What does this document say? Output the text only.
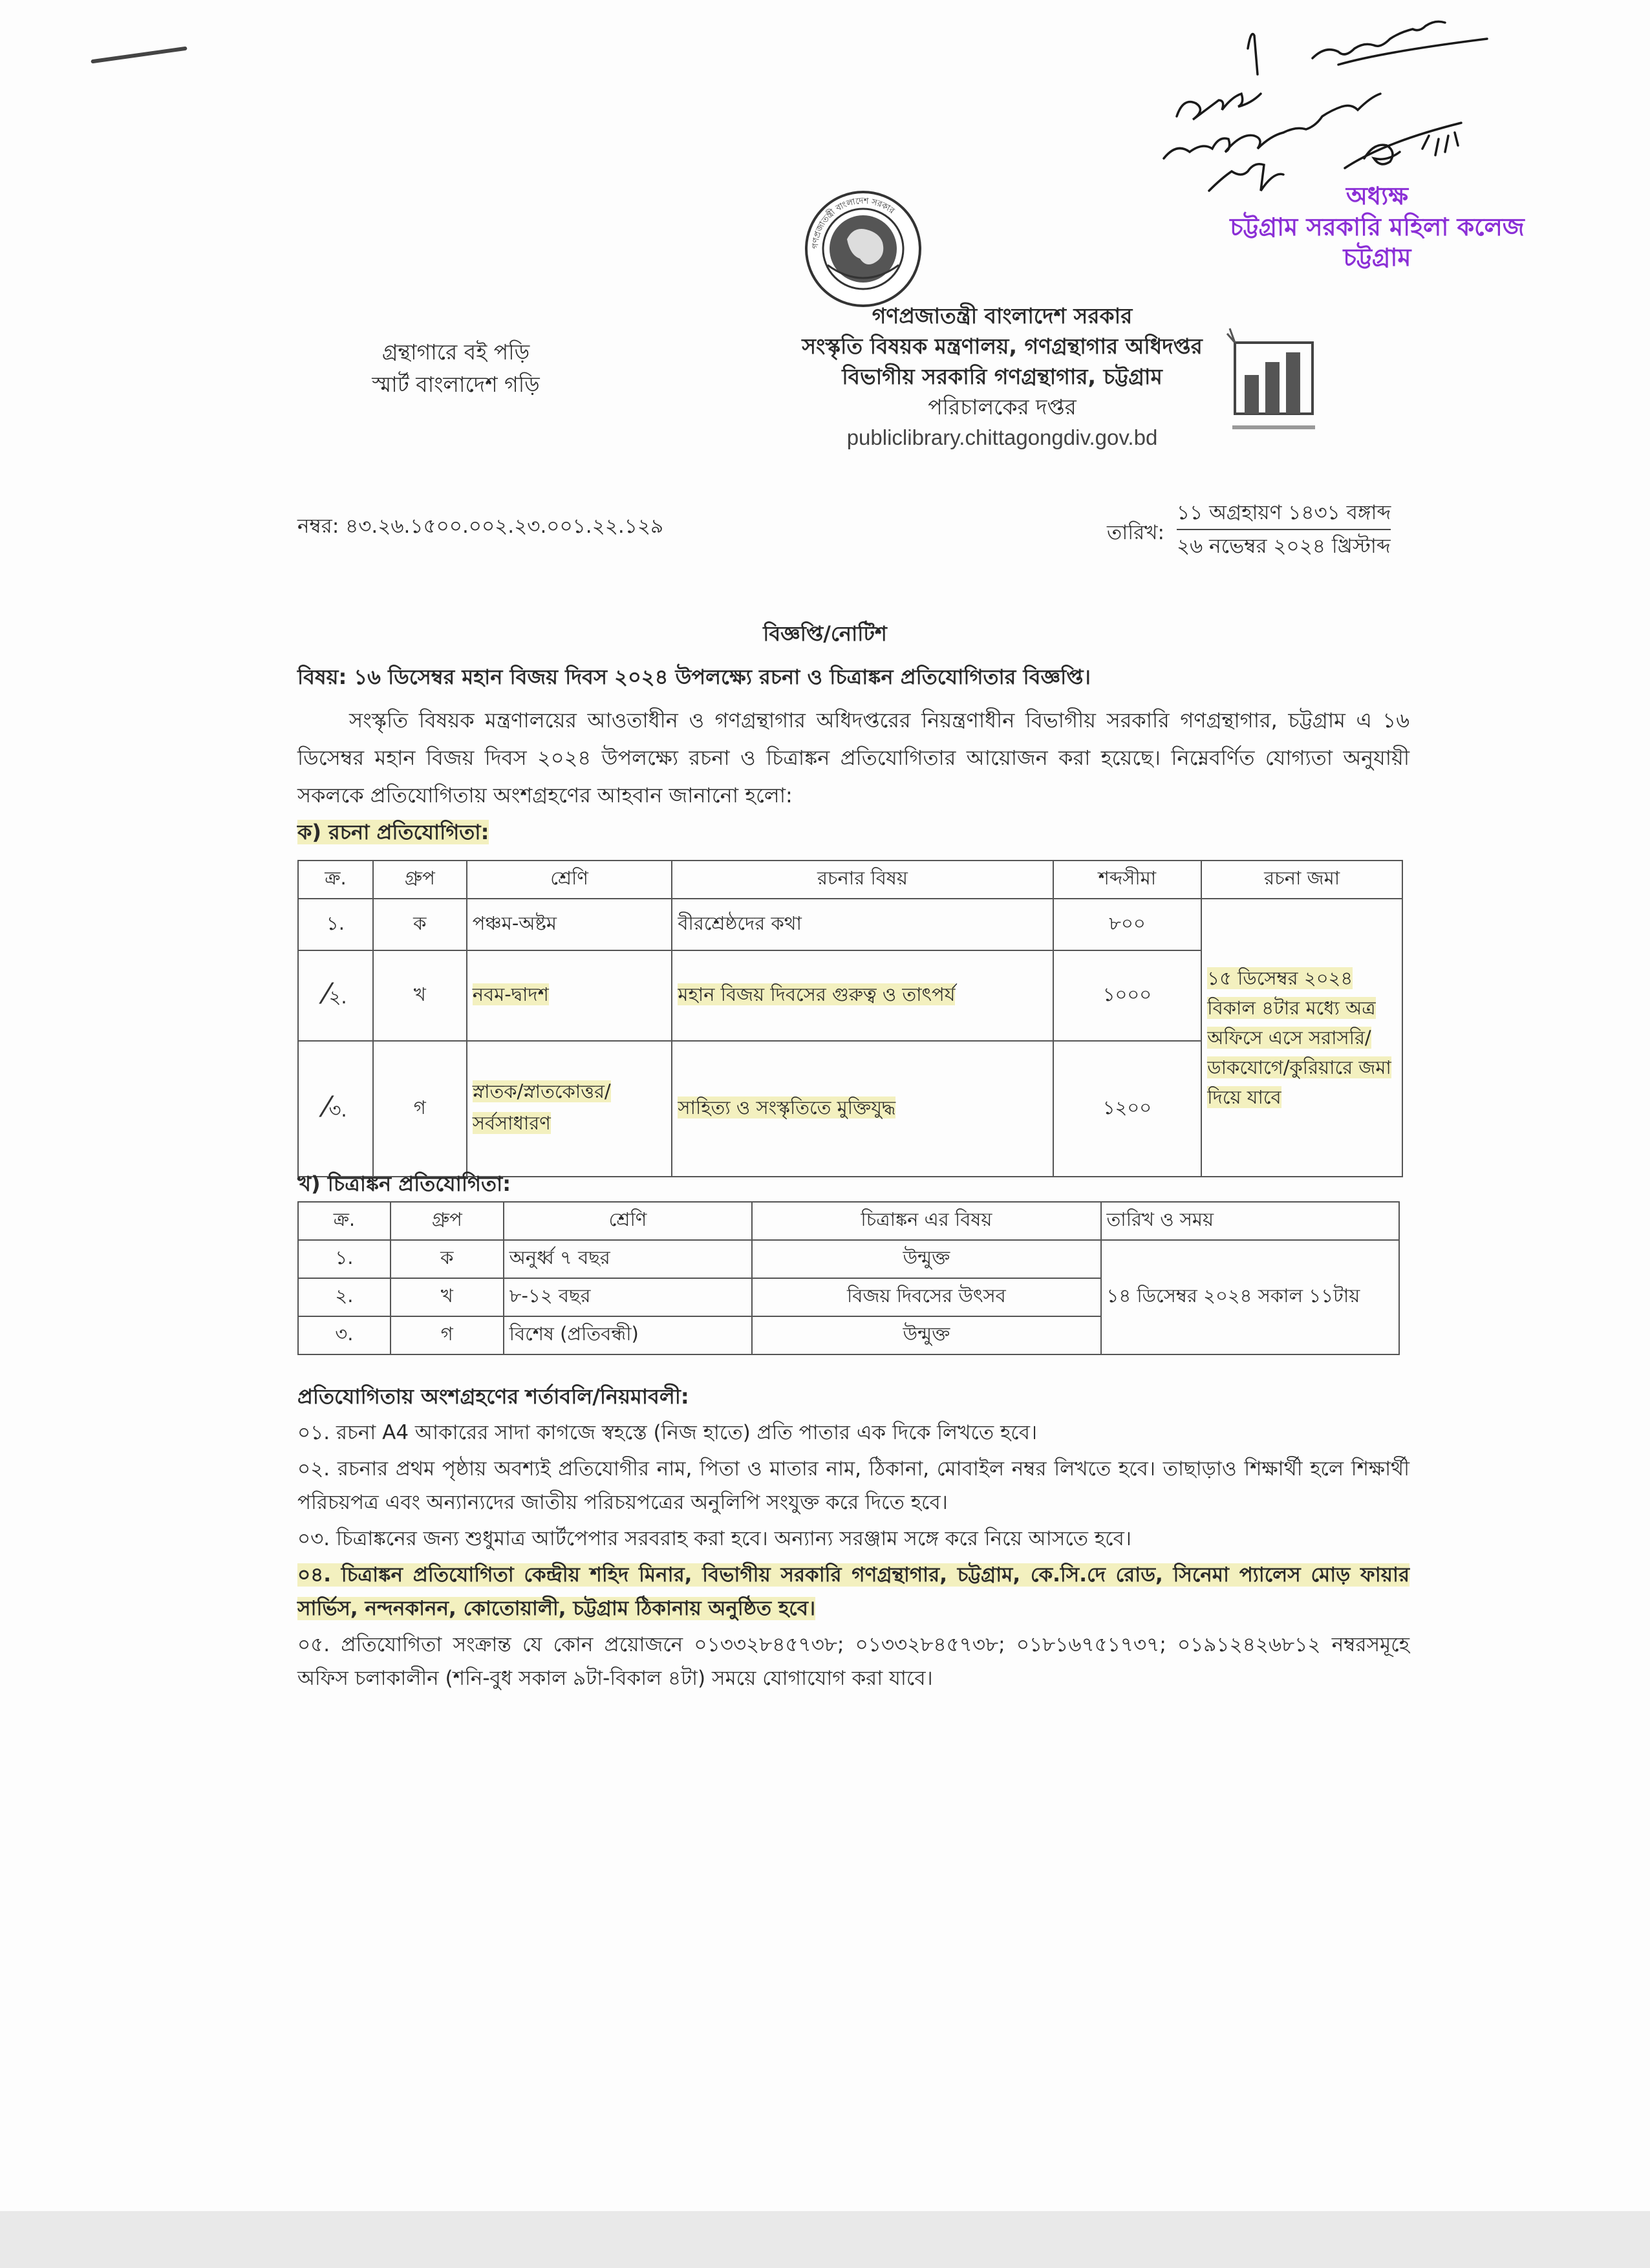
অধ্যক্ষ
চট্টগ্রাম সরকারি মহিলা কলেজ
চট্টগ্রাম
গণপ্রজাতন্ত্রী বাংলাদেশ সরকার
গণপ্রজাতন্ত্রী বাংলাদেশ সরকার
সংস্কৃতি বিষয়ক মন্ত্রণালয়, গণগ্রন্থাগার অধিদপ্তর
বিভাগীয় সরকারি গণগ্রন্থাগার, চট্টগ্রাম
পরিচালকের দপ্তর
publiclibrary.chittagongdiv.gov.bd
গ্রন্থাগারে বই পড়ি
স্মার্ট বাংলাদেশ গড়ি
নম্বর: ৪৩.২৬.১৫০০.০০২.২৩.০০১.২২.১২৯	তারিখ:
১১ অগ্রহায়ণ ১৪৩১ বঙ্গাব্দ
২৬ নভেম্বর ২০২৪ খ্রিস্টাব্দ
বিজ্ঞপ্তি/নোটিশ
বিষয়: ১৬ ডিসেম্বর মহান বিজয় দিবস ২০২৪ উপলক্ষ্যে রচনা ও চিত্রাঙ্কন প্রতিযোগিতার বিজ্ঞপ্তি।
সংস্কৃতি বিষয়ক মন্ত্রণালয়ের আওতাধীন ও গণগ্রন্থাগার অধিদপ্তরের নিয়ন্ত্রণাধীন বিভাগীয় সরকারি গণগ্রন্থাগার, চট্টগ্রাম এ ১৬ ডিসেম্বর মহান বিজয় দিবস ২০২৪ উপলক্ষ্যে রচনা ও চিত্রাঙ্কন প্রতিযোগিতার আয়োজন করা হয়েছে। নিম্নেবর্ণিত যোগ্যতা অনুযায়ী সকলকে প্রতিযোগিতায় অংশগ্রহণের আহবান জানানো হলো:
ক) রচনা প্রতিযোগিতা:
ক্র.	গ্রুপ	শ্রেণি	রচনার বিষয়	শব্দসীমা	রচনা জমা
১.	ক	পঞ্চম-অষ্টম	বীরশ্রেষ্ঠদের কথা	৮০০	১৫ ডিসেম্বর ২০২৪ বিকাল ৪টার মধ্যে অত্র অফিসে এসে সরাসরি/ডাকযোগে/কুরিয়ারে জমা দিয়ে যাবে
⁄২.	খ	নবম-দ্বাদশ	মহান বিজয় দিবসের গুরুত্ব ও তাৎপর্য	১০০০	
⁄৩.	গ	স্নাতক/স্নাতকোত্তর/সর্বসাধারণ	সাহিত্য ও সংস্কৃতিতে মুক্তিযুদ্ধ	১২০০	
খ) চিত্রাঙ্কন প্রতিযোগিতা:
ক্র.	গ্রুপ	শ্রেণি	চিত্রাঙ্কন এর বিষয়	তারিখ ও সময়
১.	ক	অনুর্ধ্ব ৭ বছর	উন্মুক্ত	১৪ ডিসেম্বর ২০২৪ সকাল ১১টায়
২.	খ	৮-১২ বছর	বিজয় দিবসের উৎসব	
৩.	গ	বিশেষ (প্রতিবন্ধী)	উন্মুক্ত	
প্রতিযোগিতায় অংশগ্রহণের শর্তাবলি/নিয়মাবলী:

০১. রচনা A4 আকারের সাদা কাগজে স্বহস্তে (নিজ হাতে) প্রতি পাতার এক দিকে লিখতে হবে।

০২. রচনার প্রথম পৃষ্ঠায় অবশ্যই প্রতিযোগীর নাম, পিতা ও মাতার নাম, ঠিকানা, মোবাইল নম্বর লিখতে হবে। তাছাড়াও শিক্ষার্থী হলে শিক্ষার্থী পরিচয়পত্র এবং অন্যান্যদের জাতীয় পরিচয়পত্রের অনুলিপি সংযুক্ত করে দিতে হবে।

০৩. চিত্রাঙ্কনের জন্য শুধুমাত্র আর্টপেপার সরবরাহ করা হবে। অন্যান্য সরঞ্জাম সঙ্গে করে নিয়ে আসতে হবে।

০৪. চিত্রাঙ্কন প্রতিযোগিতা কেন্দ্রীয় শহিদ মিনার, বিভাগীয় সরকারি গণগ্রন্থাগার, চট্টগ্রাম, কে.সি.দে রোড, সিনেমা প্যালেস মোড় ফায়ার সার্ভিস, নন্দনকানন, কোতোয়ালী, চট্টগ্রাম ঠিকানায় অনুষ্ঠিত হবে।

০৫. প্রতিযোগিতা সংক্রান্ত যে কোন প্রয়োজনে ০১৩৩২৮৪৫৭৩৮; ০১৩৩২৮৪৫৭৩৮; ০১৮১৬৭৫১৭৩৭; ০১৯১২৪২৬৮১২ নম্বরসমূহে অফিস চলাকালীন (শনি-বুধ সকাল ৯টা-বিকাল ৪টা) সময়ে যোগাযোগ করা যাবে।
